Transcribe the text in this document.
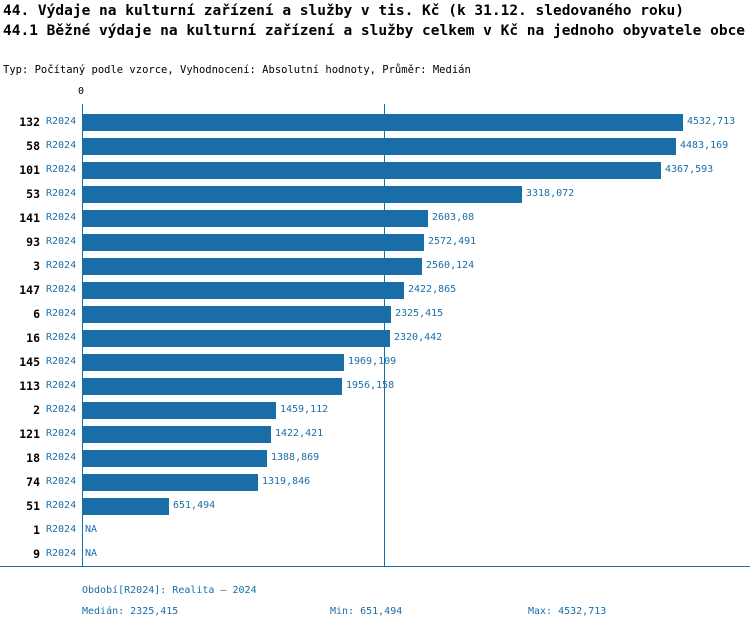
44. Výdaje na kulturní zařízení a služby v tis. Kč (k 31.12. sledovaného roku)
44.1 Běžné výdaje na kulturní zařízení a služby celkem v Kč na jednoho obyvatele obce
Typ: Počítaný podle vzorce, Vyhodnocení: Absolutní hodnoty, Průměr: Medián
0
132 R2024	4532,713
58 R2024	4483,169
101 R2024	4367,593
53 R2024	3318,072
141 R2024	2603,08
93 R2024	2572,491
3 R2024	2560,124
147 R2024	2422,865
6 R2024	2325,415
16 R2024	2320,442
145 R2024	1969,109
113 R2024	1956,158
2 R2024	1459,112
121 R2024	1422,421
18 R2024	1388,869
74 R2024	1319,846
51 R2024	651,494
1 R2024 NA
9 R2024 NA
Období[R2024]: Realita – 2024
Medián: 2325,415	Min: 651,494	Max: 4532,713
